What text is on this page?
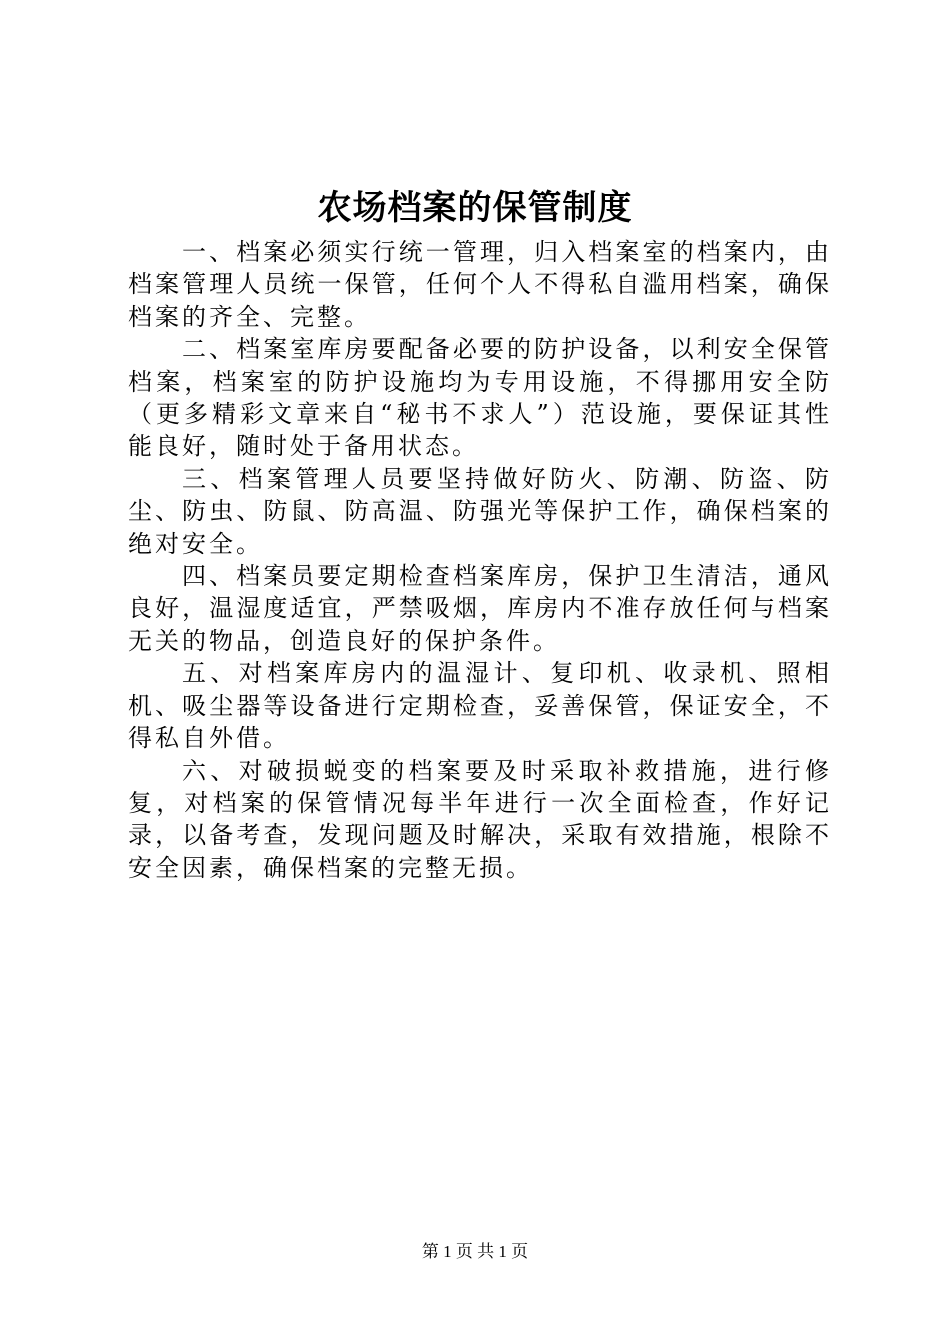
农场档案的保管制度

一、档案必须实行统一管理，归入档案室的档案内，由档案管理人员统一保管，任何个人不得私自滥用档案，确保档案的齐全、完整。

二、档案室库房要配备必要的防护设备，以利安全保管档案，档案室的防护设施均为专用设施，不得挪用安全防（更多精彩文章来自“秘书不求人”）范设施，要保证其性能良好，随时处于备用状态。

三、档案管理人员要坚持做好防火、防潮、防盗、防尘、防虫、防鼠、防高温、防强光等保护工作，确保档案的绝对安全。

四、档案员要定期检查档案库房，保护卫生清洁，通风良好，温湿度适宜，严禁吸烟，库房内不准存放任何与档案无关的物品，创造良好的保护条件。

五、对档案库房内的温湿计、复印机、收录机、照相机、吸尘器等设备进行定期检查，妥善保管，保证安全，不得私自外借。

六、对破损蜕变的档案要及时采取补救措施，进行修复，对档案的保管情况每半年进行一次全面检查，作好记录，以备考查，发现问题及时解决，采取有效措施，根除不安全因素，确保档案的完整无损。

第 1 页 共 1 页
